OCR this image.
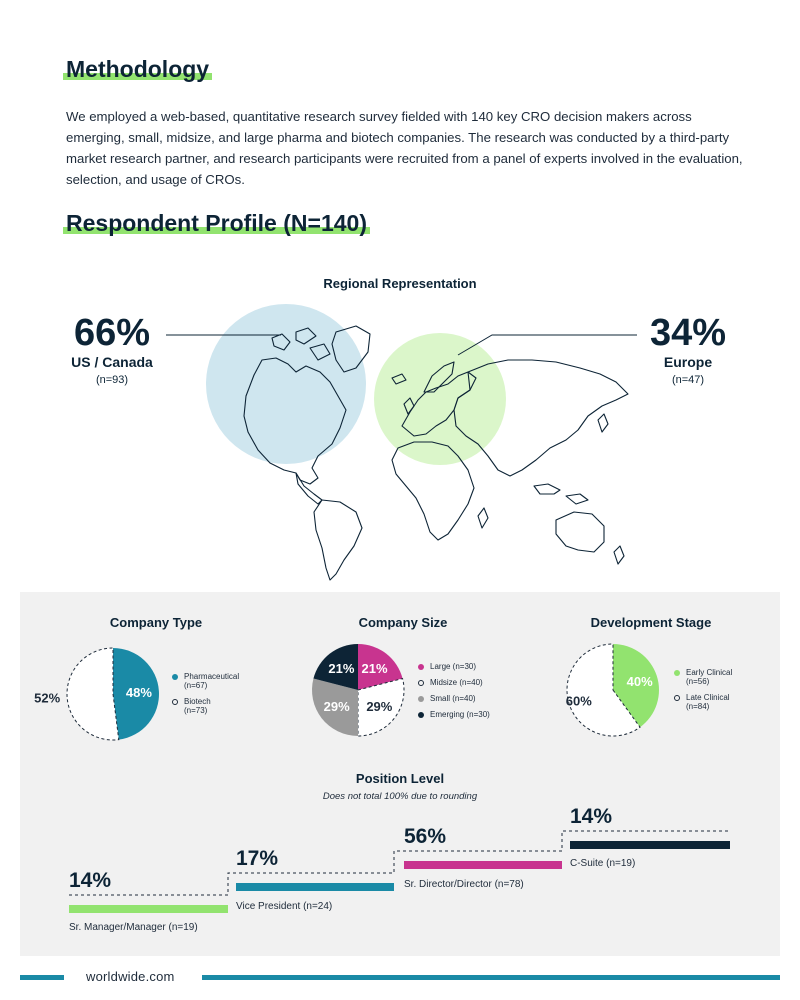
Methodology

We employed a web-based, quantitative research survey fielded with 140 key CRO decision makers across emerging, small, midsize, and large pharma and biotech companies. The research was conducted by a third-party market research partner, and research participants were recruited from a panel of experts involved in the evaluation, selection, and usage of CROs.

Respondent Profile (N=140)
Regional Representation
66%
US / Canada
(n=93)
34%
Europe
(n=47)
Company Type	Company Size	Development Stage
48%
52%
21%
29%
29%
21%
40%
60%
Pharmaceutical
(n=67)
Biotech
(n=73)
Large (n=30)
Midsize (n=40)
Small (n=40)
Emerging (n=30)
Early Clinical
(n=56)
Late Clinical
(n=84)
Position Level
Does not total 100% due to rounding
14%
Sr. Manager/Manager (n=19)
17%
Vice President (n=24)
56%
Sr. Director/Director (n=78)
14%
C-Suite (n=19)
worldwide.com
